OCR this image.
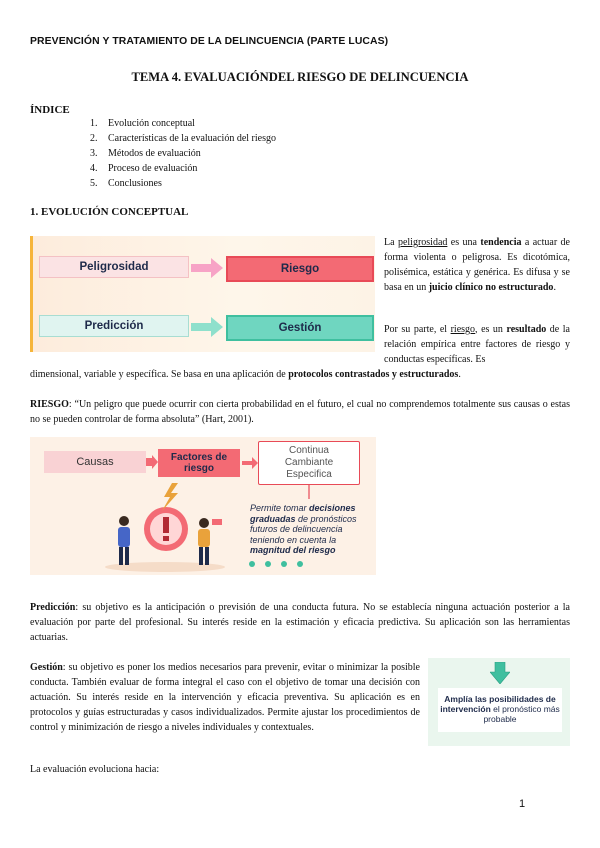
PREVENCIÓN Y TRATAMIENTO DE LA DELINCUENCIA (PARTE LUCAS)
TEMA 4. EVALUACIÓNDEL RIESGO DE DELINCUENCIA
ÍNDICE
1. Evolución conceptual
2. Características de la evaluación del riesgo
3. Métodos de evaluación
4. Proceso de evaluación
5. Conclusiones
1. EVOLUCIÓN CONCEPTUAL
Peligrosidad	Riesgo
Predicción	Gestión
La peligrosidad es una tendencia a actuar de forma violenta o peligrosa. Es dicotómica, polisémica, estática y genérica. Es difusa y se basa en un juicio clínico no estructurado.
Por su parte, el riesgo, es un resultado de la relación empírica entre factores de riesgo y conductas específicas. Es
dimensional, variable y específica. Se basa en una aplicación de protocolos contrastados y estructurados.
RIESGO: “Un peligro que puede ocurrir con cierta probabilidad en el futuro, el cual no comprendemos totalmente sus causas o estas no se pueden controlar de forma absoluta” (Hart, 2001).
Causas	Factores de riesgo
Continua
Cambiante
Especifica
Permite tomar decisiones graduadas de pronósticos futuros de delincuencia teniendo en cuenta la magnitud del riesgo
Predicción: su objetivo es la anticipación o previsión de una conducta futura. No se establecía ninguna actuación posterior a la evaluación por parte del profesional. Su interés reside en la estimación y eficacia predictiva. Su aplicación son las herramientas actuarias.
Gestión: su objetivo es poner los medios necesarios para prevenir, evitar o minimizar la posible conducta. También evaluar de forma integral el caso con el objetivo de tomar una decisión con actuación. Su interés reside en la intervención y eficacia preventiva. Su aplicación es en protocolos y guías estructuradas y casos individualizados. Permite ajustar los procedimientos de control y minimización de riesgo a niveles individuales y contextuales.
Amplía las posibilidades de intervención el pronóstico más probable
La evaluación evoluciona hacia:
1
